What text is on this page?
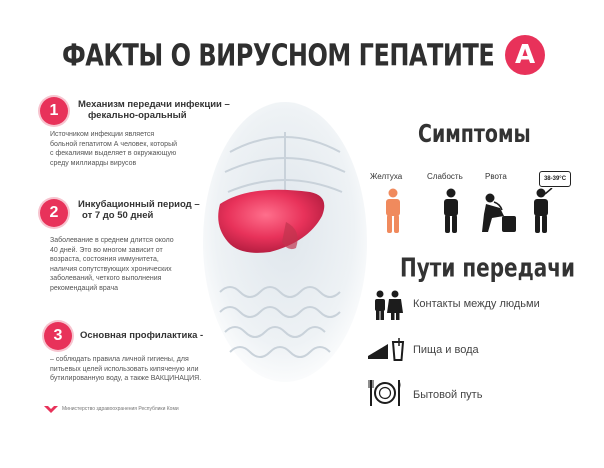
ФАКТЫ О ВИРУСНОМ ГЕПАТИТЕ А
1	Механизм передачи инфекции –
фекально-оральный
Источником инфекции является
больной гепатитом А человек, который
с фекалиями выделяет в окружающую
среду миллиарды вирусов
2	Инкубационный период –
от 7 до 50 дней
Заболевание в среднем длится около
40 дней. Это во многом зависит от
возраста, состояния иммунитета,
наличия сопутствующих хронических
заболеваний, четкого выполнения
рекомендаций врача
3	Основная профилактика -
– соблюдать правила личной гигиены, для
питьевых целей использовать кипяченую или
бутилированную воду, а также ВАКЦИНАЦИЯ.
Симптомы
Желтуха	Слабость	Рвота	38-39°С
Пути передачи
Контакты между людьми
Пища и вода
Бытовой путь
Министерство здравоохранения Республики Коми
